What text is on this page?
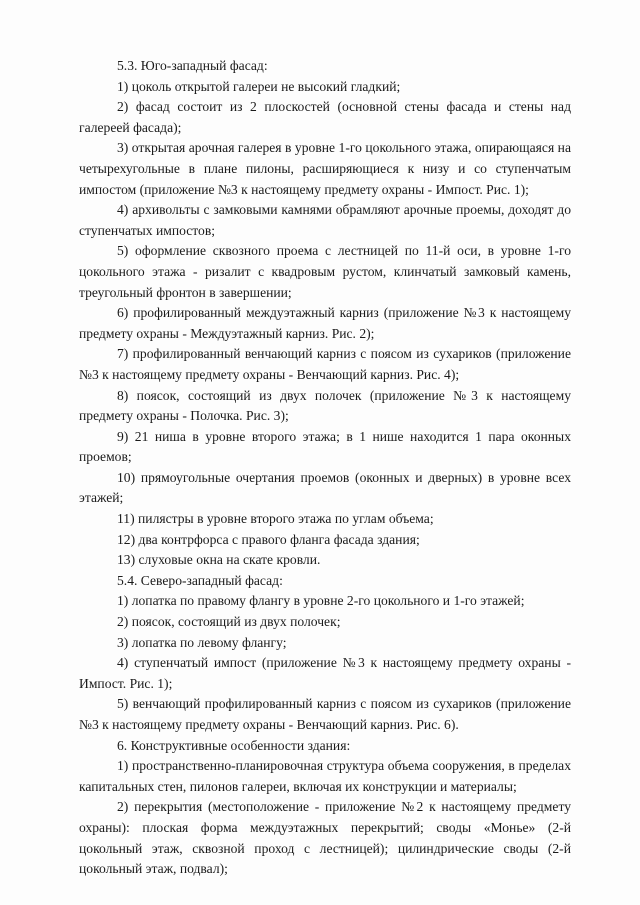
5.3. Юго-западный фасад:

1) цоколь открытой галереи не высокий гладкий;

2) фасад состоит из 2 плоскостей (основной стены фасада и стены над галереей фасада);

3) открытая арочная галерея в уровне 1-го цокольного этажа, опирающаяся на четырехугольные в плане пилоны, расширяющиеся к низу и со ступенчатым импостом (приложение №3 к настоящему предмету охраны - Импост. Рис. 1);

4) архивольты с замковыми камнями обрамляют арочные проемы, доходят до ступенчатых импостов;

5) оформление сквозного проема с лестницей по 11-й оси, в уровне 1-го цокольного этажа - ризалит с квадровым рустом, клинчатый замковый камень, треугольный фронтон в завершении;

6) профилированный междуэтажный карниз (приложение №3 к настоящему предмету охраны - Междуэтажный карниз. Рис. 2);

7) профилированный венчающий карниз с поясом из сухариков (приложение №3 к настоящему предмету охраны - Венчающий карниз. Рис. 4);

8) поясок, состоящий из двух полочек (приложение №3 к настоящему предмету охраны - Полочка. Рис. 3);

9) 21 ниша в уровне второго этажа; в 1 нише находится 1 пара оконных проемов;

10) прямоугольные очертания проемов (оконных и дверных) в уровне всех этажей;

11) пилястры в уровне второго этажа по углам объема;

12) два контрфорса с правого фланга фасада здания;

13) слуховые окна на скате кровли.

5.4. Северо-западный фасад:

1) лопатка по правому флангу в уровне 2-го цокольного и 1-го этажей;

2) поясок, состоящий из двух полочек;

3) лопатка по левому флангу;

4) ступенчатый импост (приложение №3 к настоящему предмету охраны - Импост. Рис. 1);

5) венчающий профилированный карниз с поясом из сухариков (приложение №3 к настоящему предмету охраны - Венчающий карниз. Рис. 6).

6. Конструктивные особенности здания:

1) пространственно-планировочная структура объема сооружения, в пределах капитальных стен, пилонов галереи, включая их конструкции и материалы;

2) перекрытия (местоположение - приложение №2 к настоящему предмету охраны): плоская форма междуэтажных перекрытий; своды «Монье» (2-й цокольный этаж, сквозной проход с лестницей); цилиндрические своды (2-й цокольный этаж, подвал);
